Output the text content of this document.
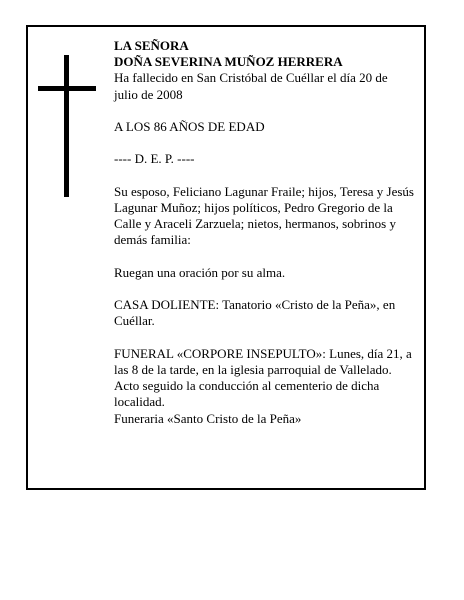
LA SEÑORA
DOÑA SEVERINA MUÑOZ HERRERA

Ha fallecido en San Cristóbal de Cuéllar el día 20 de julio de 2008

A LOS 86 AÑOS DE EDAD

---- D. E. P. ----

Su esposo, Feliciano Lagunar Fraile; hijos, Teresa y Jesús Lagunar Muñoz; hijos políticos, Pedro Gregorio de la Calle y Araceli Zarzuela; nietos, hermanos, sobrinos y demás familia:

Ruegan una oración por su alma.

CASA DOLIENTE: Tanatorio «Cristo de la Peña», en Cuéllar.

FUNERAL «CORPORE INSEPULTO»: Lunes, día 21, a las 8 de la tarde, en la iglesia parroquial de Vallelado. Acto seguido la conducción al cementerio de dicha localidad.

Funeraria «Santo Cristo de la Peña»
